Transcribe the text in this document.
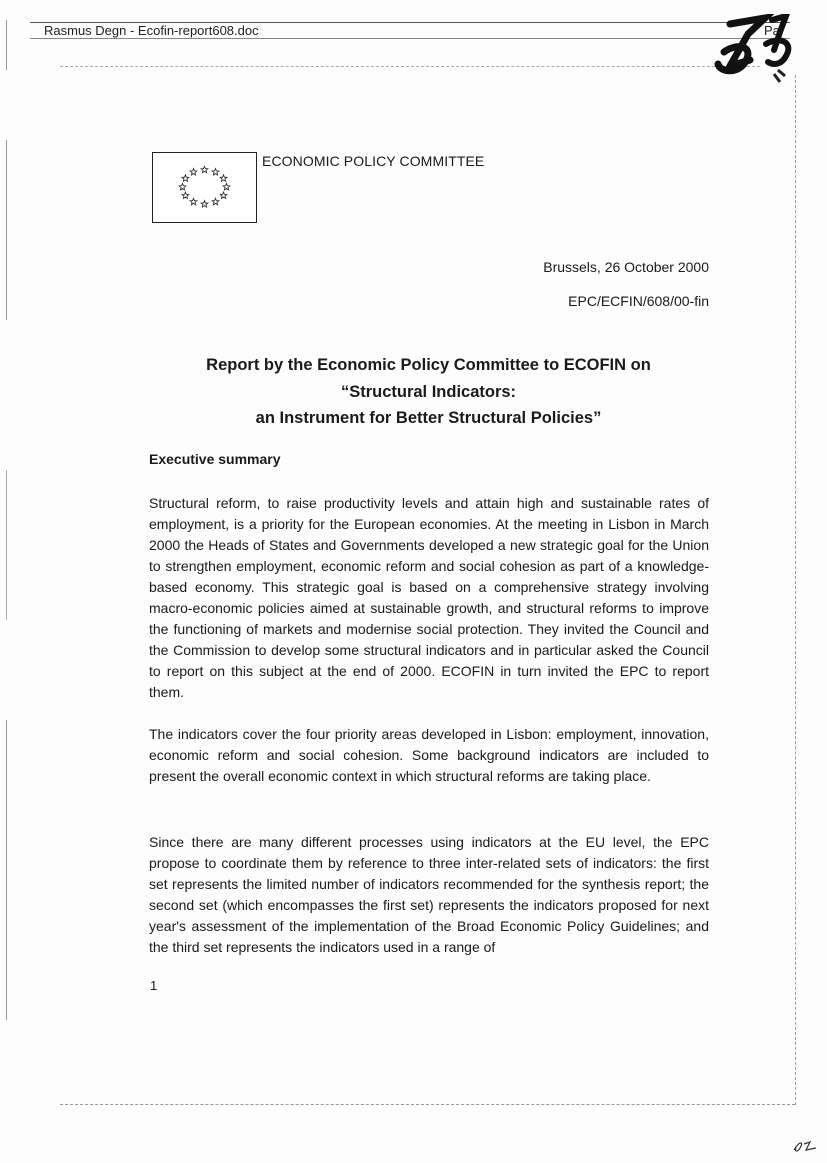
Rasmus Degn - Ecofin-report608.doc	Pa
ECONOMIC POLICY COMMITTEE
Brussels, 26 October 2000
EPC/ECFIN/608/00-fin
Report by the Economic Policy Committee to ECOFIN on
“Structural Indicators:
an Instrument for Better Structural Policies”
Executive summary

Structural reform, to raise productivity levels and attain high and sustainable rates of employment, is a priority for the European economies. At the meeting in Lisbon in March 2000 the Heads of States and Governments developed a new strategic goal for the Union to strengthen employment, economic reform and social cohesion as part of a knowledge-based economy. This strategic goal is based on a comprehensive strategy involving macro-economic policies aimed at sustainable growth, and structural reforms to improve the functioning of markets and modernise social protection. They invited the Council and the Commission to develop some structural indicators and in particular asked the Council to report on this subject at the end of 2000. ECOFIN in turn invited the EPC to report them.

The indicators cover the four priority areas developed in Lisbon: employment, innovation, economic reform and social cohesion. Some background indicators are included to present the overall economic context in which structural reforms are taking place.

Since there are many different processes using indicators at the EU level, the EPC propose to coordinate them by reference to three inter-related sets of indicators: the first set represents the limited number of indicators recommended for the synthesis report; the second set (which encompasses the first set) represents the indicators proposed for next year's assessment of the implementation of the Broad Economic Policy Guidelines; and the third set represents the indicators used in a range of

1
